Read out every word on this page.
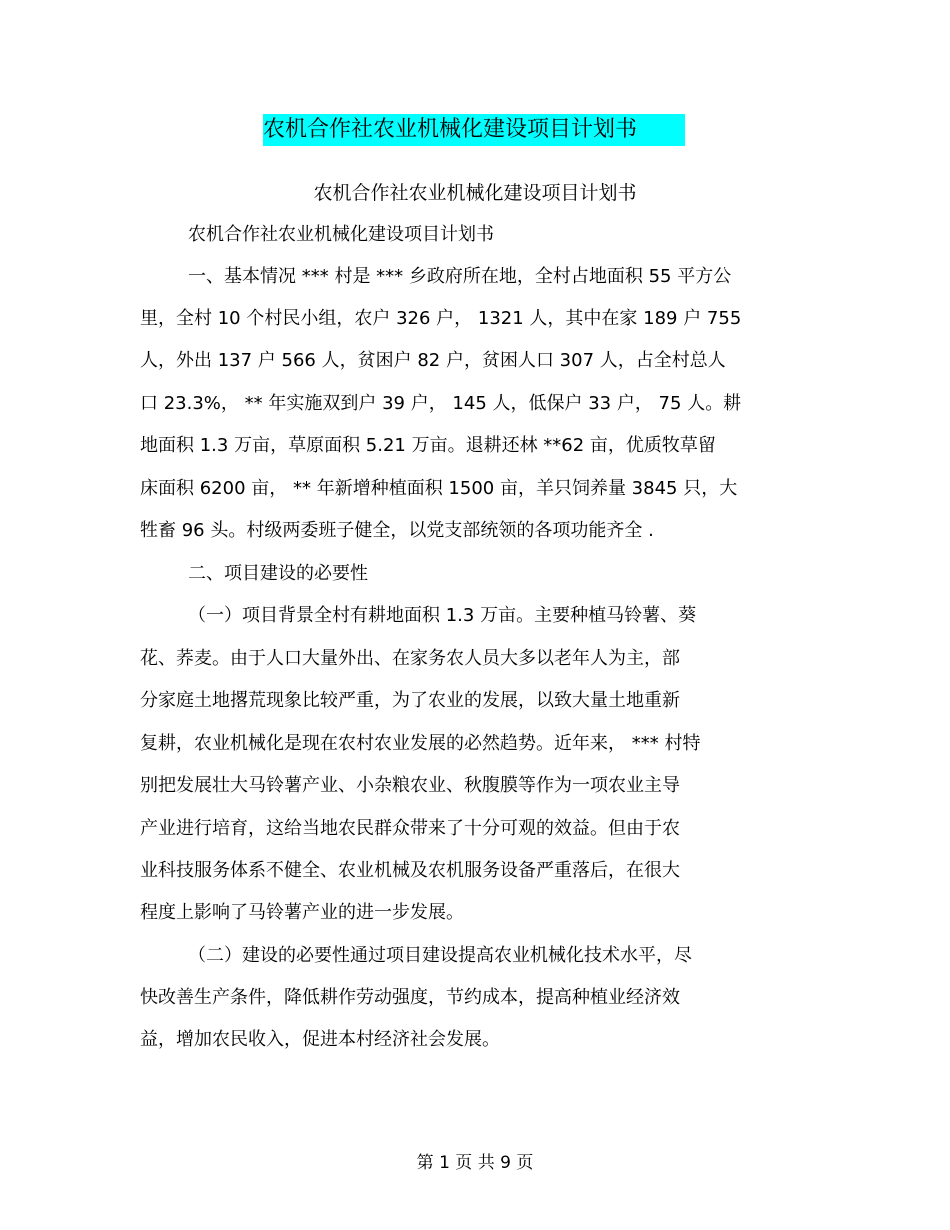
农机合作社农业机械化建设项目计划书
农机合作社农业机械化建设项目计划书
农机合作社农业机械化建设项目计划书
一、基本情况 *** 村是 *** 乡政府所在地，全村占地面积 55 平方公
里，全村 10 个村民小组，农户 326 户， 1321 人，其中在家 189 户 755
人，外出 137 户 566 人，贫困户 82 户，贫困人口 307 人，占全村总人
口 23.3%， ** 年实施双到户 39 户， 145 人，低保户 33 户， 75 人。耕
地面积 1.3 万亩，草原面积 5.21 万亩。退耕还林 **62 亩，优质牧草留
床面积 6200 亩， ** 年新增种植面积 1500 亩，羊只饲养量 3845 只，大
牲畜 96 头。村级两委班子健全，以党支部统领的各项功能齐全 .
二、项目建设的必要性
（一）项目背景全村有耕地面积 1.3 万亩。主要种植马铃薯、葵
花、荞麦。由于人口大量外出、在家务农人员大多以老年人为主，部
分家庭土地撂荒现象比较严重，为了农业的发展，以致大量土地重新
复耕，农业机械化是现在农村农业发展的必然趋势。近年来， *** 村特
别把发展壮大马铃薯产业、小杂粮农业、秋腹膜等作为一项农业主导
产业进行培育，这给当地农民群众带来了十分可观的效益。但由于农
业科技服务体系不健全、农业机械及农机服务设备严重落后，在很大
程度上影响了马铃薯产业的进一步发展。
（二）建设的必要性通过项目建设提高农业机械化技术水平，尽
快改善生产条件，降低耕作劳动强度，节约成本，提高种植业经济效
益，增加农民收入，促进本村经济社会发展。
第 1 页 共 9 页
